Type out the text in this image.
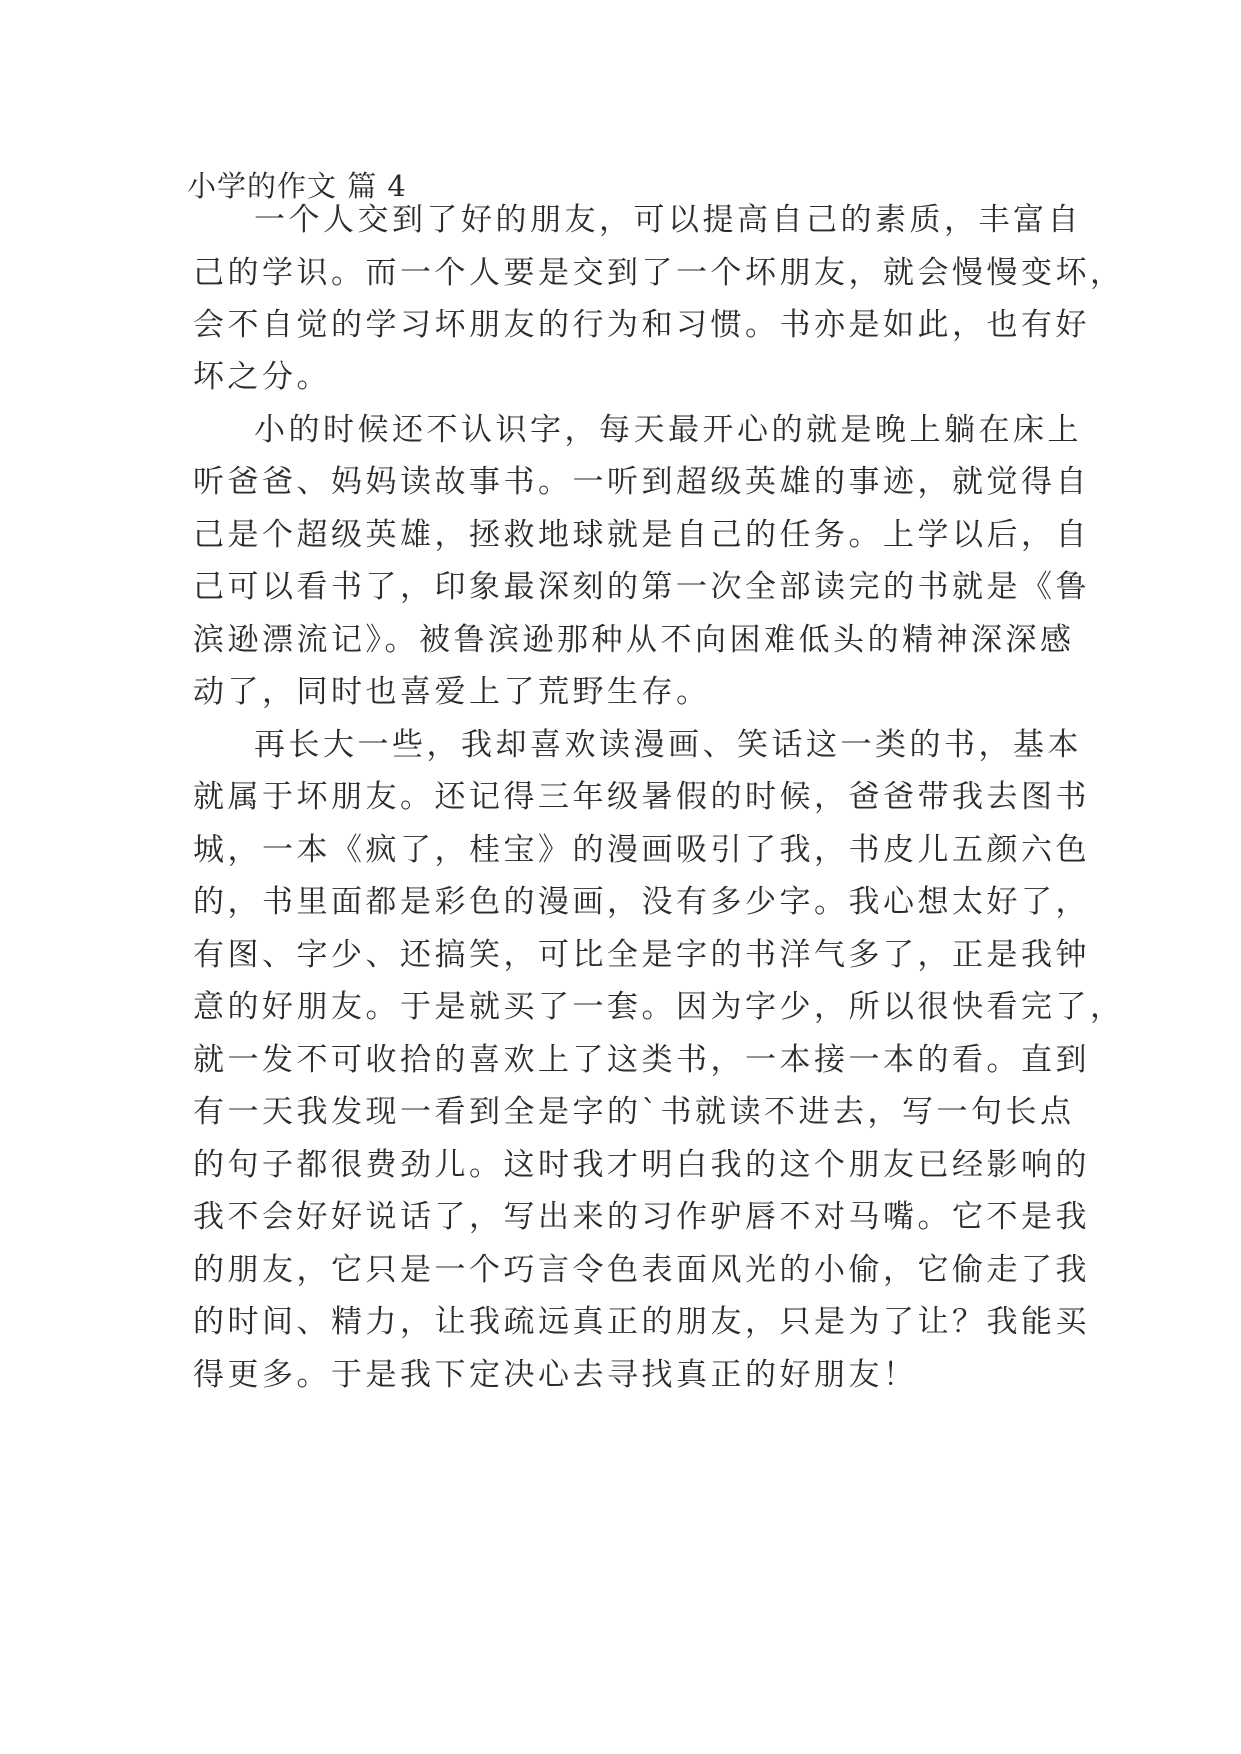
小学的作文 篇 4
一个人交到了好的朋友，可以提高自己的素质，丰富自
己的学识。而一个人要是交到了一个坏朋友，就会慢慢变坏，
会不自觉的学习坏朋友的行为和习惯。书亦是如此，也有好
坏之分。
小的时候还不认识字，每天最开心的就是晚上躺在床上
听爸爸、妈妈读故事书。一听到超级英雄的事迹，就觉得自
己是个超级英雄，拯救地球就是自己的任务。上学以后，自
己可以看书了，印象最深刻的第一次全部读完的书就是《鲁
滨逊漂流记》。被鲁滨逊那种从不向困难低头的精神深深感
动了，同时也喜爱上了荒野生存。
再长大一些，我却喜欢读漫画、笑话这一类的书，基本
就属于坏朋友。还记得三年级暑假的时候，爸爸带我去图书
城，一本《疯了，桂宝》的漫画吸引了我，书皮儿五颜六色
的，书里面都是彩色的漫画，没有多少字。我心想太好了，
有图、字少、还搞笑，可比全是字的书洋气多了，正是我钟
意的好朋友。于是就买了一套。因为字少，所以很快看完了，
就一发不可收拾的喜欢上了这类书，一本接一本的看。直到
有一天我发现一看到全是字的`书就读不进去，写一句长点
的句子都很费劲儿。这时我才明白我的这个朋友已经影响的
我不会好好说话了，写出来的习作驴唇不对马嘴。它不是我
的朋友，它只是一个巧言令色表面风光的小偷，它偷走了我
的时间、精力，让我疏远真正的朋友，只是为了让？我能买
得更多。于是我下定决心去寻找真正的好朋友！
